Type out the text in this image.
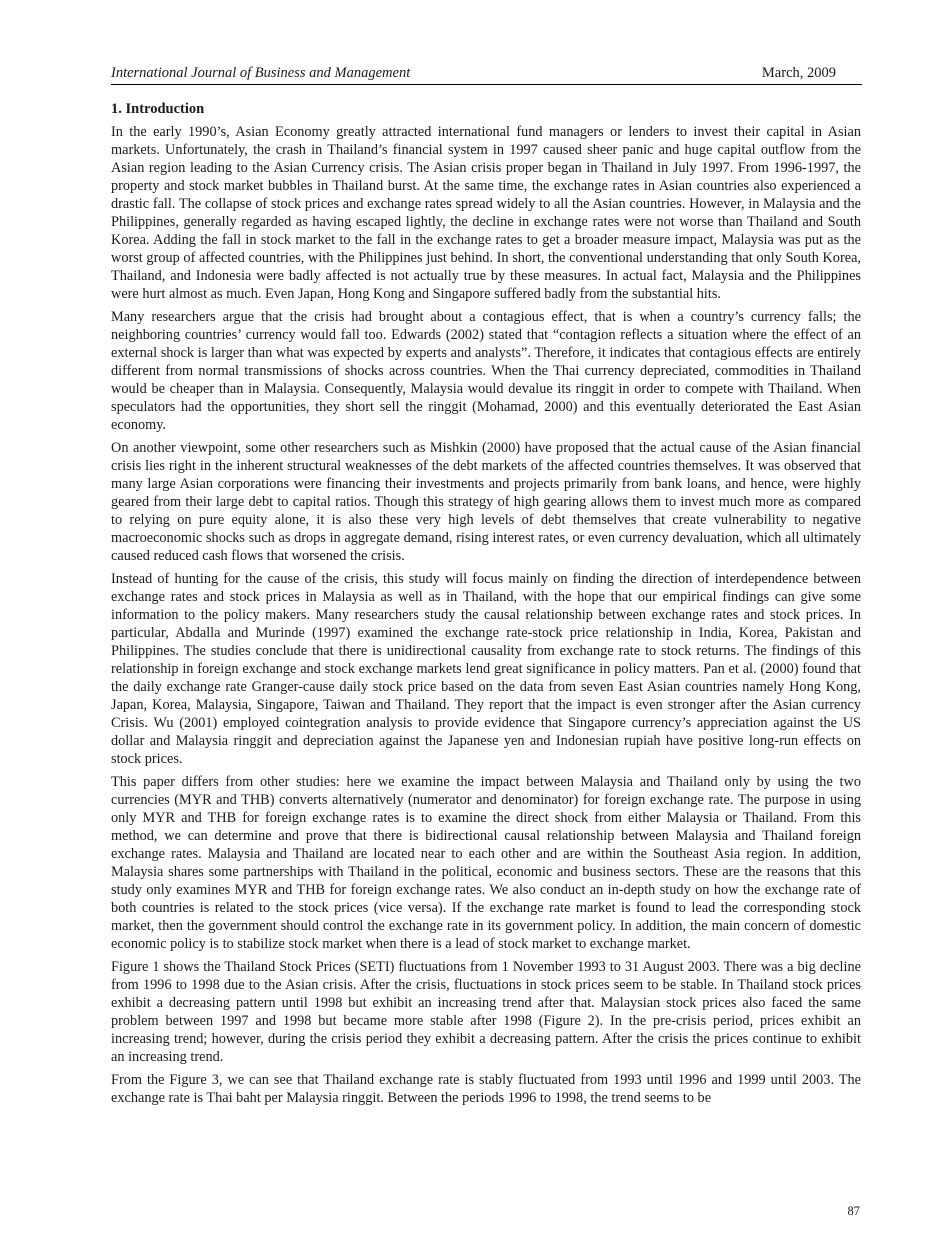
International Journal of Business and Management	March, 2009
1. Introduction

In the early 1990’s, Asian Economy greatly attracted international fund managers or lenders to invest their capital in Asian markets. Unfortunately, the crash in Thailand’s financial system in 1997 caused sheer panic and huge capital outflow from the Asian region leading to the Asian Currency crisis. The Asian crisis proper began in Thailand in July 1997. From 1996-1997, the property and stock market bubbles in Thailand burst. At the same time, the exchange rates in Asian countries also experienced a drastic fall. The collapse of stock prices and exchange rates spread widely to all the Asian countries. However, in Malaysia and the Philippines, generally regarded as having escaped lightly, the decline in exchange rates were not worse than Thailand and South Korea. Adding the fall in stock market to the fall in the exchange rates to get a broader measure impact, Malaysia was put as the worst group of affected countries, with the Philippines just behind. In short, the conventional understanding that only South Korea, Thailand, and Indonesia were badly affected is not actually true by these measures. In actual fact, Malaysia and the Philippines were hurt almost as much. Even Japan, Hong Kong and Singapore suffered badly from the substantial hits.

Many researchers argue that the crisis had brought about a contagious effect, that is when a country’s currency falls; the neighboring countries’ currency would fall too. Edwards (2002) stated that “contagion reflects a situation where the effect of an external shock is larger than what was expected by experts and analysts”. Therefore, it indicates that contagious effects are entirely different from normal transmissions of shocks across countries. When the Thai currency depreciated, commodities in Thailand would be cheaper than in Malaysia. Consequently, Malaysia would devalue its ringgit in order to compete with Thailand. When speculators had the opportunities, they short sell the ringgit (Mohamad, 2000) and this eventually deteriorated the East Asian economy.

On another viewpoint, some other researchers such as Mishkin (2000) have proposed that the actual cause of the Asian financial crisis lies right in the inherent structural weaknesses of the debt markets of the affected countries themselves. It was observed that many large Asian corporations were financing their investments and projects primarily from bank loans, and hence, were highly geared from their large debt to capital ratios. Though this strategy of high gearing allows them to invest much more as compared to relying on pure equity alone, it is also these very high levels of debt themselves that create vulnerability to negative macroeconomic shocks such as drops in aggregate demand, rising interest rates, or even currency devaluation, which all ultimately caused reduced cash flows that worsened the crisis.

Instead of hunting for the cause of the crisis, this study will focus mainly on finding the direction of interdependence between exchange rates and stock prices in Malaysia as well as in Thailand, with the hope that our empirical findings can give some information to the policy makers. Many researchers study the causal relationship between exchange rates and stock prices. In particular, Abdalla and Murinde (1997) examined the exchange rate-stock price relationship in India, Korea, Pakistan and Philippines. The studies conclude that there is unidirectional causality from exchange rate to stock returns. The findings of this relationship in foreign exchange and stock exchange markets lend great significance in policy matters. Pan et al. (2000) found that the daily exchange rate Granger-cause daily stock price based on the data from seven East Asian countries namely Hong Kong, Japan, Korea, Malaysia, Singapore, Taiwan and Thailand. They report that the impact is even stronger after the Asian currency Crisis. Wu (2001) employed cointegration analysis to provide evidence that Singapore currency’s appreciation against the US dollar and Malaysia ringgit and depreciation against the Japanese yen and Indonesian rupiah have positive long-run effects on stock prices.

This paper differs from other studies: here we examine the impact between Malaysia and Thailand only by using the two currencies (MYR and THB) converts alternatively (numerator and denominator) for foreign exchange rate. The purpose in using only MYR and THB for foreign exchange rates is to examine the direct shock from either Malaysia or Thailand. From this method, we can determine and prove that there is bidirectional causal relationship between Malaysia and Thailand foreign exchange rates. Malaysia and Thailand are located near to each other and are within the Southeast Asia region. In addition, Malaysia shares some partnerships with Thailand in the political, economic and business sectors. These are the reasons that this study only examines MYR and THB for foreign exchange rates. We also conduct an in-depth study on how the exchange rate of both countries is related to the stock prices (vice versa). If the exchange rate market is found to lead the corresponding stock market, then the government should control the exchange rate in its government policy. In addition, the main concern of domestic economic policy is to stabilize stock market when there is a lead of stock market to exchange market.

Figure 1 shows the Thailand Stock Prices (SETI) fluctuations from 1 November 1993 to 31 August 2003. There was a big decline from 1996 to 1998 due to the Asian crisis. After the crisis, fluctuations in stock prices seem to be stable. In Thailand stock prices exhibit a decreasing pattern until 1998 but exhibit an increasing trend after that. Malaysian stock prices also faced the same problem between 1997 and 1998 but became more stable after 1998 (Figure 2). In the pre-crisis period, prices exhibit an increasing trend; however, during the crisis period they exhibit a decreasing pattern. After the crisis the prices continue to exhibit an increasing trend.

From the Figure 3, we can see that Thailand exchange rate is stably fluctuated from 1993 until 1996 and 1999 until 2003. The exchange rate is Thai baht per Malaysia ringgit. Between the periods 1996 to 1998, the trend seems to be

87
